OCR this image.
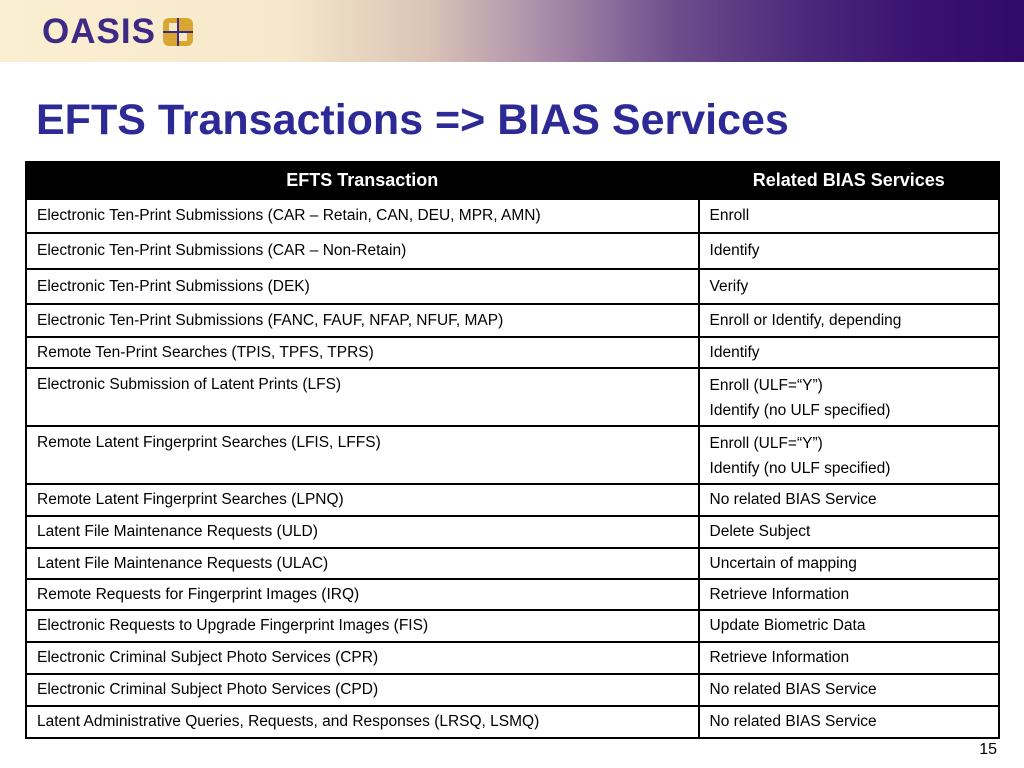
OASIS
EFTS Transactions => BIAS Services
EFTS Transaction	Related BIAS Services
Electronic Ten-Print Submissions (CAR – Retain, CAN, DEU, MPR, AMN)	Enroll
Electronic Ten-Print Submissions (CAR – Non-Retain)	Identify
Electronic Ten-Print Submissions (DEK)	Verify
Electronic Ten-Print Submissions (FANC, FAUF, NFAP, NFUF, MAP)	Enroll or Identify, depending
Remote Ten-Print Searches (TPIS, TPFS, TPRS)	Identify
Electronic Submission of Latent Prints (LFS)	Enroll (ULF=“Y”)
Identify (no ULF specified)

Remote Latent Fingerprint Searches (LFIS, LFFS)	Enroll (ULF=“Y”)
Identify (no ULF specified)

Remote Latent Fingerprint Searches (LPNQ)	No related BIAS Service
Latent File Maintenance Requests (ULD)	Delete Subject
Latent File Maintenance Requests (ULAC)	Uncertain of mapping
Remote Requests for Fingerprint Images (IRQ)	Retrieve Information
Electronic Requests to Upgrade Fingerprint Images (FIS)	Update Biometric Data
Electronic Criminal Subject Photo Services (CPR)	Retrieve Information
Electronic Criminal Subject Photo Services (CPD)	No related BIAS Service
Latent Administrative Queries, Requests, and Responses (LRSQ, LSMQ)	No related BIAS Service
15
